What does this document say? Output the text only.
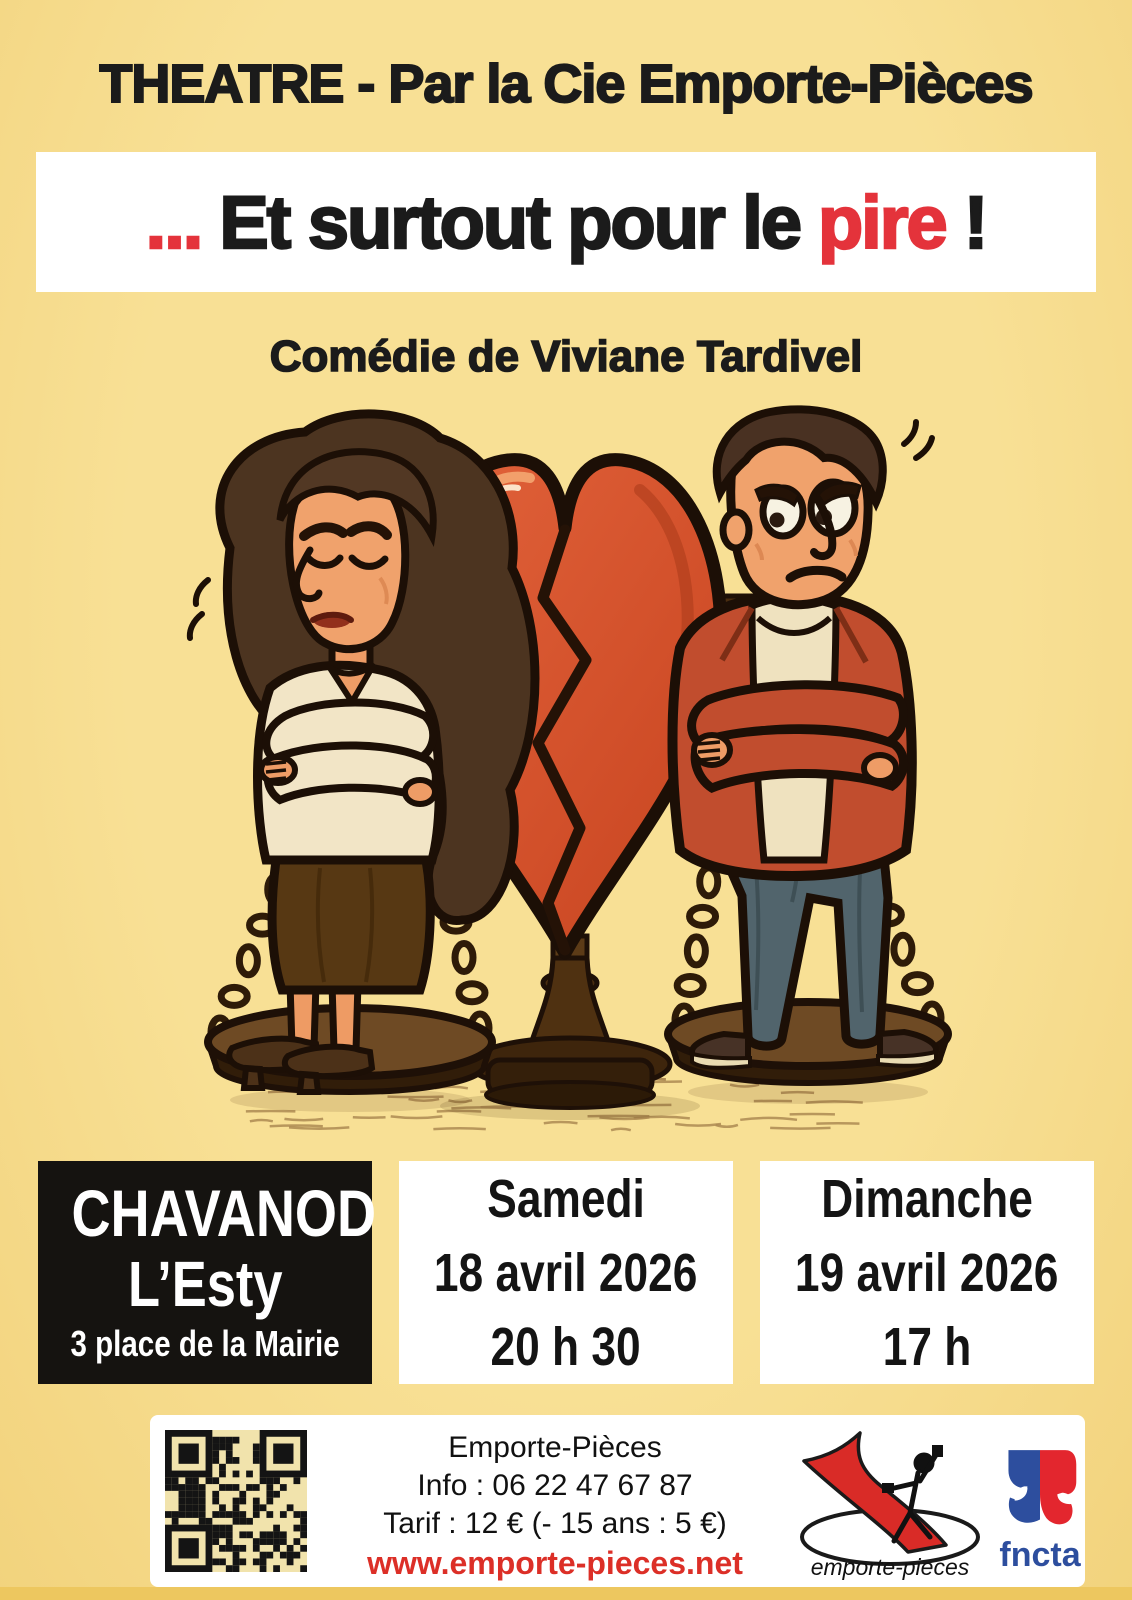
THEATRE - Par la Cie Emporte-Pièces
... Et surtout pour le pire !
Comédie de Viviane Tardivel
CHAVANOD
L’Esty
3 place de la Mairie
Samedi
18 avril 2026
20 h 30
Dimanche
19 avril 2026
17 h
Emporte-Pièces
Info : 06 22 47 67 87
Tarif : 12 € (- 15 ans : 5 €)
www.emporte-pieces.net	emporte-pieces fncta
